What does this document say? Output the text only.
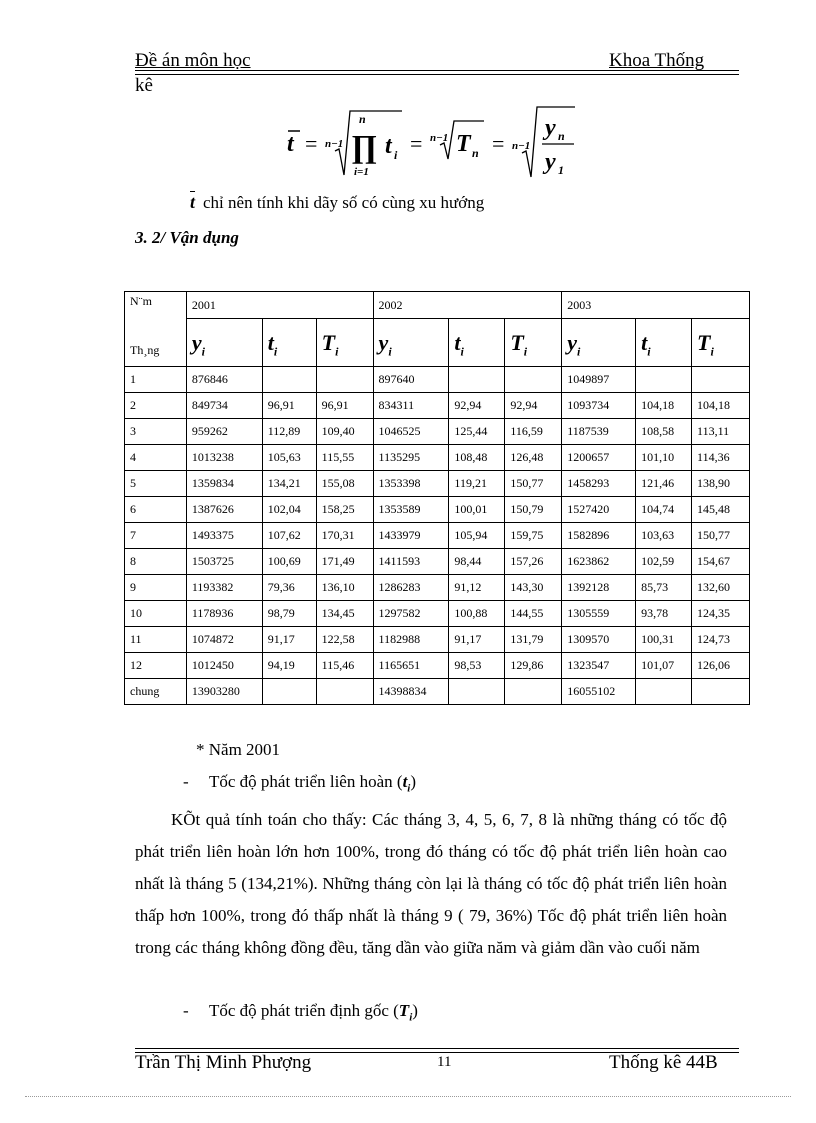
Đề án môn học	Khoa Thống
kê
t = n−1
n
∏
i=1
t i = n−1 T n = n−1
y n
y 1
$\overline{t}$ chỉ nên tính khi dãy số có cùng xu hướng
3. 2/ Vận dụng
N¨m
Th¸ng	2001			2002			2003		
	$y_i$	$t_i$	$T_i$	$y_i$	$t_i$	$T_i$	$y_i$	$t_i$	$T_i$
1	876846			897640			1049897		
2	849734	96,91	96,91	834311	92,94	92,94	1093734	104,18	104,18
3	959262	112,89	109,40	1046525	125,44	116,59	1187539	108,58	113,11
4	1013238	105,63	115,55	1135295	108,48	126,48	1200657	101,10	114,36
5	1359834	134,21	155,08	1353398	119,21	150,77	1458293	121,46	138,90
6	1387626	102,04	158,25	1353589	100,01	150,79	1527420	104,74	145,48
7	1493375	107,62	170,31	1433979	105,94	159,75	1582896	103,63	150,77
8	1503725	100,69	171,49	1411593	98,44	157,26	1623862	102,59	154,67
9	1193382	79,36	136,10	1286283	91,12	143,30	1392128	85,73	132,60
10	1178936	98,79	134,45	1297582	100,88	144,55	1305559	93,78	124,35
11	1074872	91,17	122,58	1182988	91,17	131,79	1309570	100,31	124,73
12	1012450	94,19	115,46	1165651	98,53	129,86	1323547	101,07	126,06
chung	13903280			14398834			16055102		
* Năm 2001
- Tốc độ phát triển liên hoàn $(t_i)$
KÕt quả tính toán cho thấy: Các tháng 3, 4, 5, 6, 7, 8 là những tháng có tốc độ phát triển liên hoàn lớn hơn 100%, trong đó tháng có tốc độ phát triển liên hoàn cao nhất là tháng 5 (134,21%). Những tháng còn lại là tháng có tốc độ phát triển liên hoàn thấp hơn 100%, trong đó thấp nhất là tháng 9 ( 79, 36%) Tốc độ phát triển liên hoàn trong các tháng không đồng đều, tăng dần vào giữa năm và giảm dần vào cuối năm
- Tốc độ phát triển định gốc $(T_i)$
Trần Thị Minh Phượng	11	Thống kê 44B
